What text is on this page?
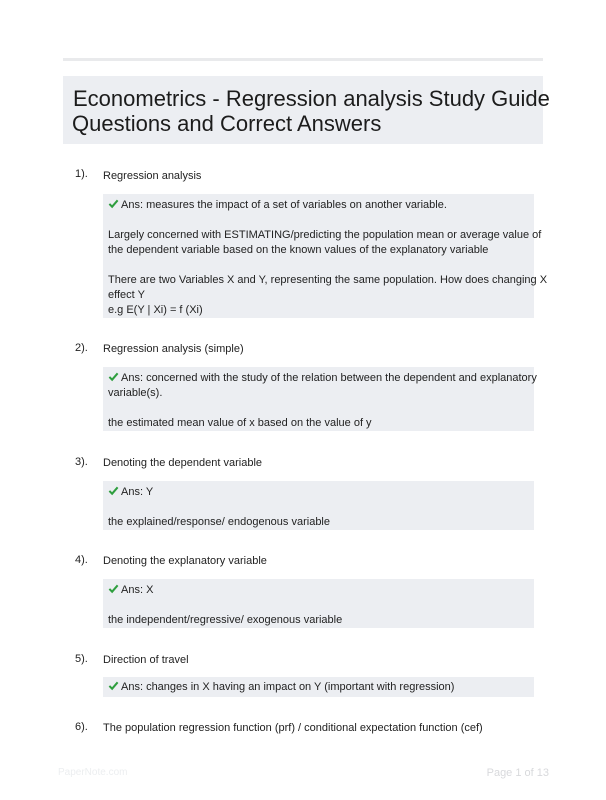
Econometrics - Regression analysis Study Guide
Questions and Correct Answers
1). Regression analysis
Ans: measures the impact of a set of variables on another variable.
Largely concerned with ESTIMATING/predicting the population mean or average value of
the dependent variable based on the known values of the explanatory variable
There are two Variables X and Y, representing the same population. How does changing X
effect Y
e.g E(Y | Xi) = f (Xi)
2). Regression analysis (simple)
Ans: concerned with the study of the relation between the dependent and explanatory
variable(s).
the estimated mean value of x based on the value of y
3). Denoting the dependent variable
Ans: Y
the explained/response/ endogenous variable
4). Denoting the explanatory variable
Ans: X
the independent/regressive/ exogenous variable
5). Direction of travel
Ans: changes in X having an impact on Y (important with regression)
6). The population regression function (prf) / conditional expectation function (cef)
PaperNote.com	Page 1 of 13
